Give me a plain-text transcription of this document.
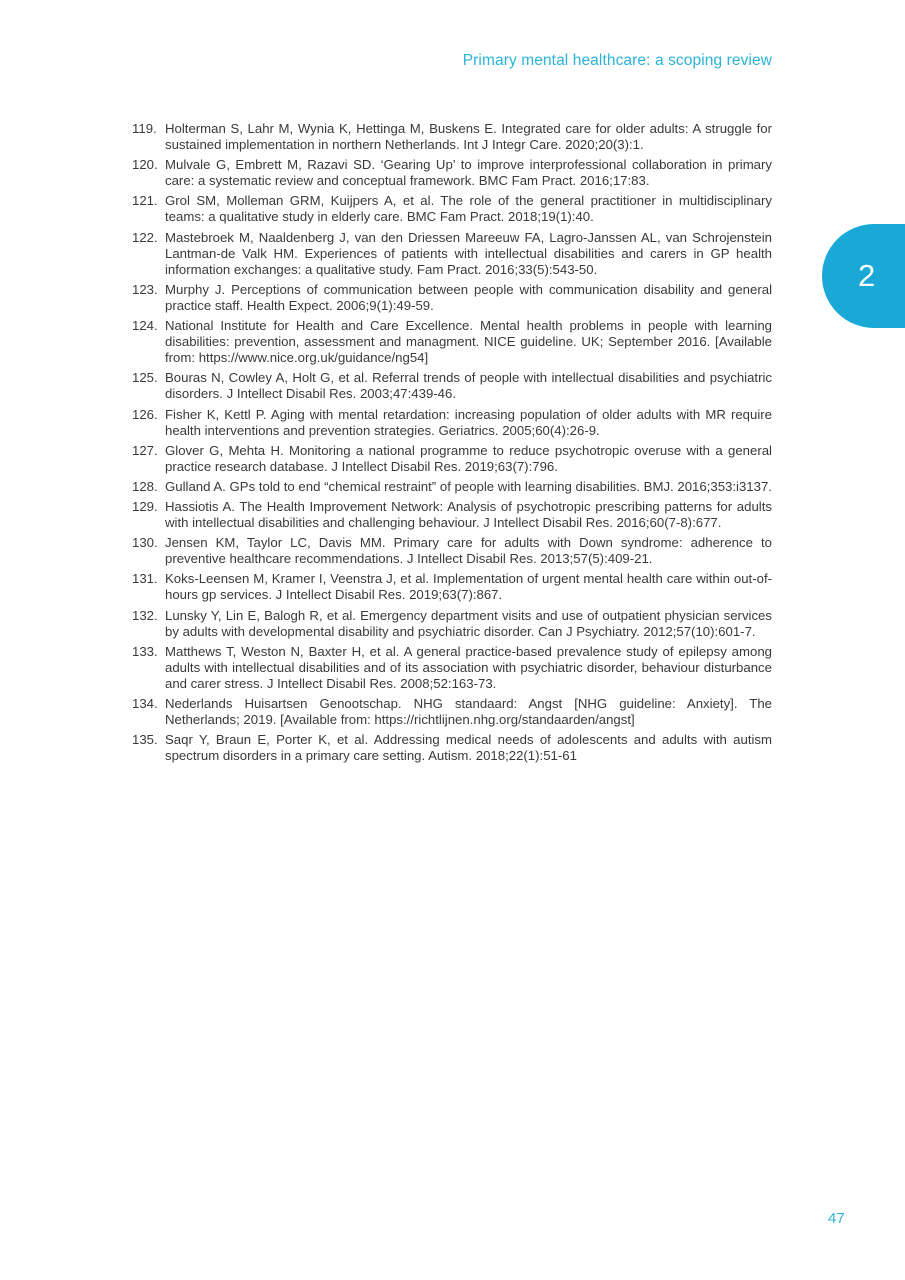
Primary mental healthcare: a scoping review
2
119. Holterman S, Lahr M, Wynia K, Hettinga M, Buskens E. Integrated care for older adults: A struggle for sustained implementation in northern Netherlands. Int J Integr Care. 2020;20(3):1.
120. Mulvale G, Embrett M, Razavi SD. ‘Gearing Up’ to improve interprofessional collaboration in primary care: a systematic review and conceptual framework. BMC Fam Pract. 2016;17:83.
121. Grol SM, Molleman GRM, Kuijpers A, et al. The role of the general practitioner in multidisciplinary teams: a qualitative study in elderly care. BMC Fam Pract. 2018;19(1):40.
122. Mastebroek M, Naaldenberg J, van den Driessen Mareeuw FA, Lagro-Janssen AL, van Schrojenstein Lantman-de Valk HM. Experiences of patients with intellectual disabilities and carers in GP health information exchanges: a qualitative study. Fam Pract. 2016;33(5):543-50.
123. Murphy J. Perceptions of communication between people with communication disability and general practice staff. Health Expect. 2006;9(1):49-59.
124. National Institute for Health and Care Excellence. Mental health problems in people with learning disabilities: prevention, assessment and managment. NICE guideline. UK; September 2016. [Available from: https://www.nice.org.uk/guidance/ng54]
125. Bouras N, Cowley A, Holt G, et al. Referral trends of people with intellectual disabilities and psychiatric disorders. J Intellect Disabil Res. 2003;47:439-46.
126. Fisher K, Kettl P. Aging with mental retardation: increasing population of older adults with MR require health interventions and prevention strategies. Geriatrics. 2005;60(4):26-9.
127. Glover G, Mehta H. Monitoring a national programme to reduce psychotropic overuse with a general practice research database. J Intellect Disabil Res. 2019;63(7):796.
128. Gulland A. GPs told to end “chemical restraint” of people with learning disabilities. BMJ. 2016;353:i3137.
129. Hassiotis A. The Health Improvement Network: Analysis of psychotropic prescribing patterns for adults with intellectual disabilities and challenging behaviour. J Intellect Disabil Res. 2016;60(7-8):677.
130. Jensen KM, Taylor LC, Davis MM. Primary care for adults with Down syndrome: adherence to preventive healthcare recommendations. J Intellect Disabil Res. 2013;57(5):409-21.
131. Koks-Leensen M, Kramer I, Veenstra J, et al. Implementation of urgent mental health care within out-of-hours gp services. J Intellect Disabil Res. 2019;63(7):867.
132. Lunsky Y, Lin E, Balogh R, et al. Emergency department visits and use of outpatient physician services by adults with developmental disability and psychiatric disorder. Can J Psychiatry. 2012;57(10):601-7.
133. Matthews T, Weston N, Baxter H, et al. A general practice-based prevalence study of epilepsy among adults with intellectual disabilities and of its association with psychiatric disorder, behaviour disturbance and carer stress. J Intellect Disabil Res. 2008;52:163-73.
134. Nederlands Huisartsen Genootschap. NHG standaard: Angst [NHG guideline: Anxiety]. The Netherlands; 2019. [Available from: https://richtlijnen.nhg.org/standaarden/angst]
135. Saqr Y, Braun E, Porter K, et al. Addressing medical needs of adolescents and adults with autism spectrum disorders in a primary care setting. Autism. 2018;22(1):51-61
47
